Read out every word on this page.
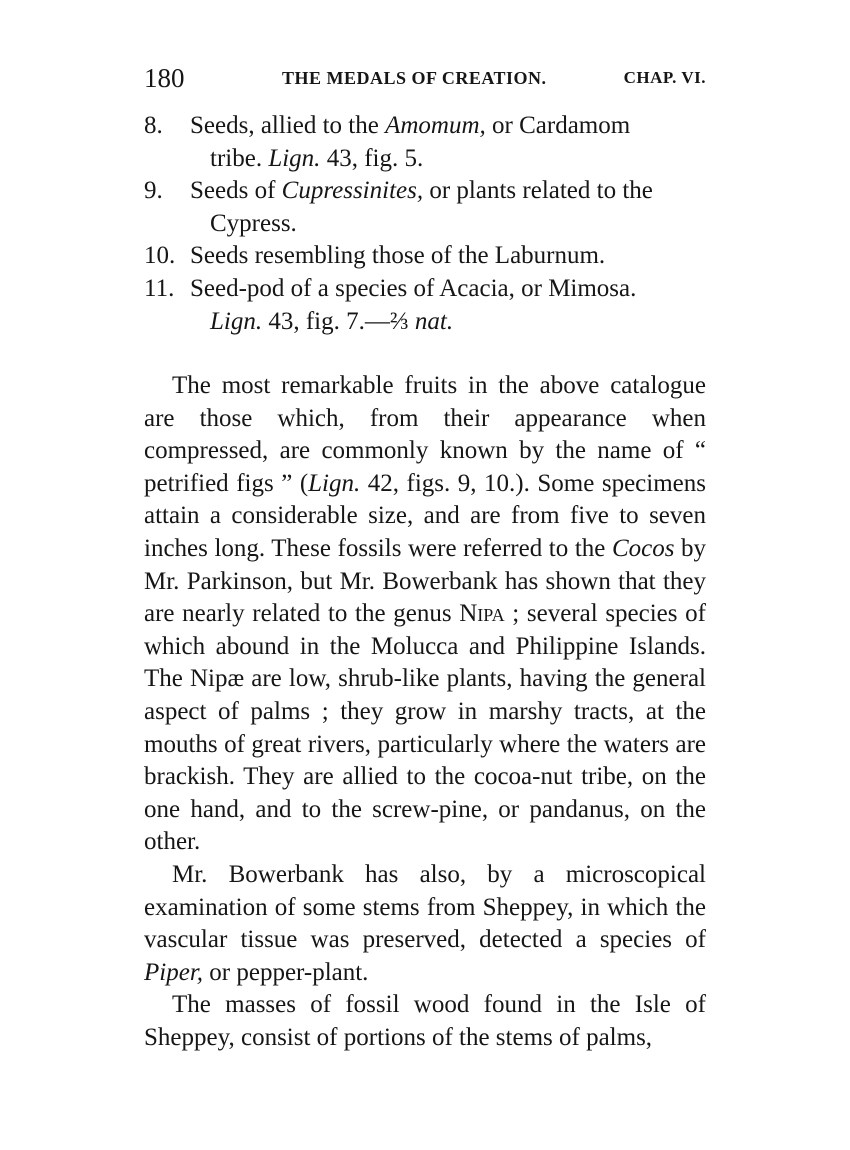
180	THE MEDALS OF CREATION.	CHAP. VI.
8.	Seeds, allied to the Amomum, or Cardamom
tribe. Lign. 43, fig. 5.
9.	Seeds of Cupressinites, or plants related to the
Cypress.
10. Seeds resembling those of the Laburnum.
11. Seed-pod of a species of Acacia, or Mimosa.
Lign. 43, fig. 7.—⅔ nat.

The most remarkable fruits in the above catalogue are those which, from their appearance when compressed, are commonly known by the name of “ petrified figs ” (Lign. 42, figs. 9, 10.). Some specimens attain a considerable size, and are from five to seven inches long. These fossils were referred to the Cocos by Mr. Parkinson, but Mr. Bowerbank has shown that they are nearly related to the genus Nipa ; several species of which abound in the Molucca and Philippine Islands. The Nipæ are low, shrub-like plants, having the general aspect of palms ; they grow in marshy tracts, at the mouths of great rivers, particularly where the waters are brackish. They are allied to the cocoa-nut tribe, on the one hand, and to the screw-pine, or pandanus, on the other.

Mr. Bowerbank has also, by a microscopical examination of some stems from Sheppey, in which the vascular tissue was preserved, detected a species of Piper, or pepper-plant.

The masses of fossil wood found in the Isle of Sheppey, consist of portions of the stems of palms,
